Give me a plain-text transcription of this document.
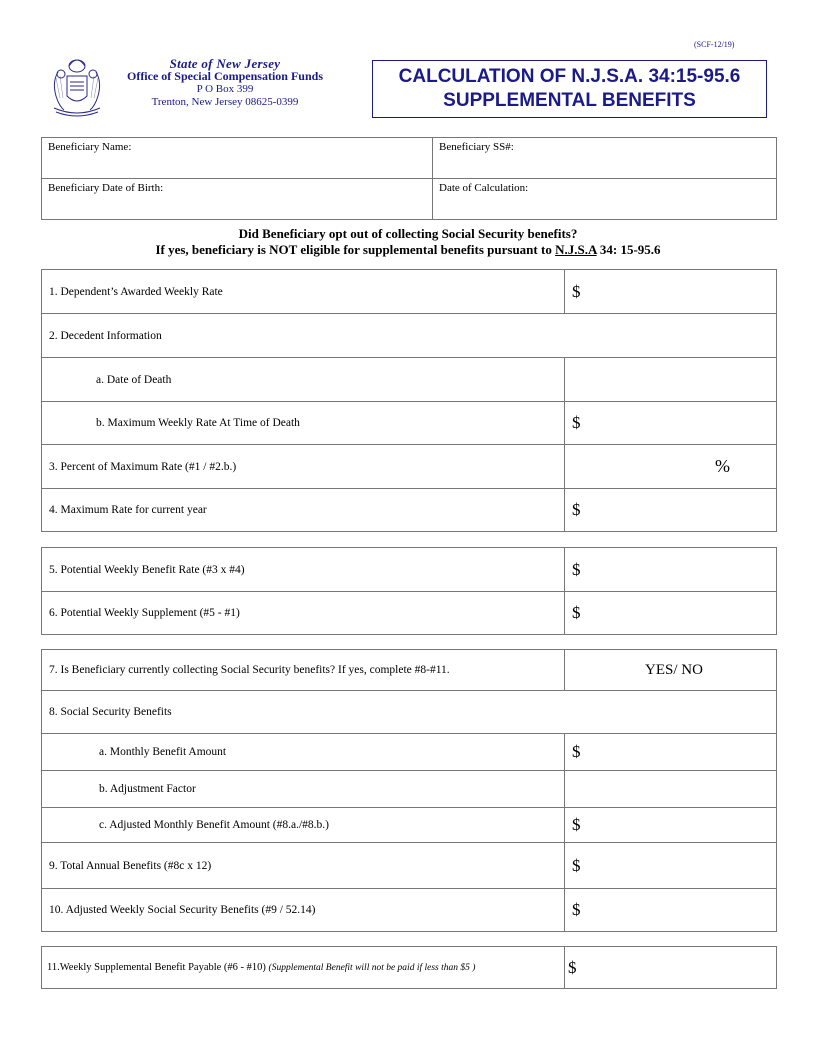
(SCF-12/19)
State of New Jersey
Office of Special Compensation Funds
P O Box 399
Trenton, New Jersey 08625-0399
CALCULATION OF N.J.S.A. 34:15-95.6
SUPPLEMENTAL BENEFITS
Beneficiary Name:	Beneficiary SS#:
Beneficiary Date of Birth:	Date of Calculation:
Did Beneficiary opt out of collecting Social Security benefits?
If yes, beneficiary is NOT eligible for supplemental benefits pursuant to N.J.S.A 34: 15-95.6
1. Dependent’s Awarded Weekly Rate	$
2. Decedent Information	
a. Date of Death	
b. Maximum Weekly Rate At Time of Death	$
3. Percent of Maximum Rate (#1 / #2.b.)	%
4. Maximum Rate for current year	$
5. Potential Weekly Benefit Rate (#3 x #4)	$
6. Potential Weekly Supplement (#5 - #1)	$
7. Is Beneficiary currently collecting Social Security benefits? If yes, complete #8-#11.	YES/ NO
8. Social Security Benefits	
a. Monthly Benefit Amount	$
b. Adjustment Factor	
c. Adjusted Monthly Benefit Amount (#8.a./#8.b.)	$
9. Total Annual Benefits (#8c x 12)	$
10. Adjusted Weekly Social Security Benefits (#9 / 52.14)	$
11.Weekly Supplemental Benefit Payable (#6 - #10) (Supplemental Benefit will not be paid if less than $5 )	$
